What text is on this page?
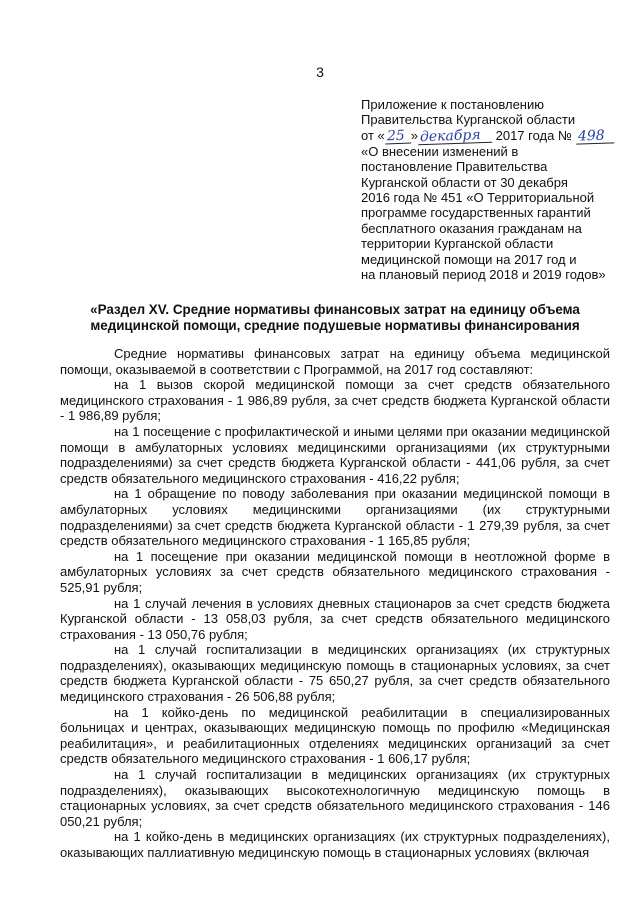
3
Приложение к постановлению
Правительства Курганской области
от « 25 » декабря 2017 года № 498
«О внесении изменений в
постановление Правительства
Курганской области от 30 декабря
2016 года № 451 «О Территориальной
программе государственных гарантий
бесплатного оказания гражданам на
территории Курганской области
медицинской помощи на 2017 год и
на плановый период 2018 и 2019 годов»
«Раздел XV. Средние нормативы финансовых затрат на единицу объема
медицинской помощи, средние подушевые нормативы финансирования

Средние нормативы финансовых затрат на единицу объема медицинской помощи, оказываемой в соответствии с Программой, на 2017 год составляют:

на 1 вызов скорой медицинской помощи за счет средств обязательного медицинского страхования - 1 986,89 рубля, за счет средств бюджета Курганской области - 1 986,89 рубля;

на 1 посещение с профилактической и иными целями при оказании медицинской помощи в амбулаторных условиях медицинскими организациями (их структурными подразделениями) за счет средств бюджета Курганской области - 441,06 рубля, за счет средств обязательного медицинского страхования - 416,22 рубля;

на 1 обращение по поводу заболевания при оказании медицинской помощи в амбулаторных условиях медицинскими организациями (их структурными подразделениями) за счет средств бюджета Курганской области - 1 279,39 рубля, за счет средств обязательного медицинского страхования - 1 165,85 рубля;

на 1 посещение при оказании медицинской помощи в неотложной форме в амбулаторных условиях за счет средств обязательного медицинского страхования - 525,91 рубля;

на 1 случай лечения в условиях дневных стационаров за счет средств бюджета Курганской области - 13 058,03 рубля, за счет средств обязательного медицинского страхования - 13 050,76 рубля;

на 1 случай госпитализации в медицинских организациях (их структурных подразделениях), оказывающих медицинскую помощь в стационарных условиях, за счет средств бюджета Курганской области - 75 650,27 рубля, за счет средств обязательного медицинского страхования - 26 506,88 рубля;

на 1 койко-день по медицинской реабилитации в специализированных больницах и центрах, оказывающих медицинскую помощь по профилю «Медицинская реабилитация», и реабилитационных отделениях медицинских организаций за счет средств обязательного медицинского страхования - 1 606,17 рубля;

на 1 случай госпитализации в медицинских организациях (их структурных подразделениях), оказывающих высокотехнологичную медицинскую помощь в стационарных условиях, за счет средств обязательного медицинского страхования - 146 050,21 рубля;

на 1 койко-день в медицинских организациях (их структурных подразделениях), оказывающих паллиативную медицинскую помощь в стационарных условиях (включая
